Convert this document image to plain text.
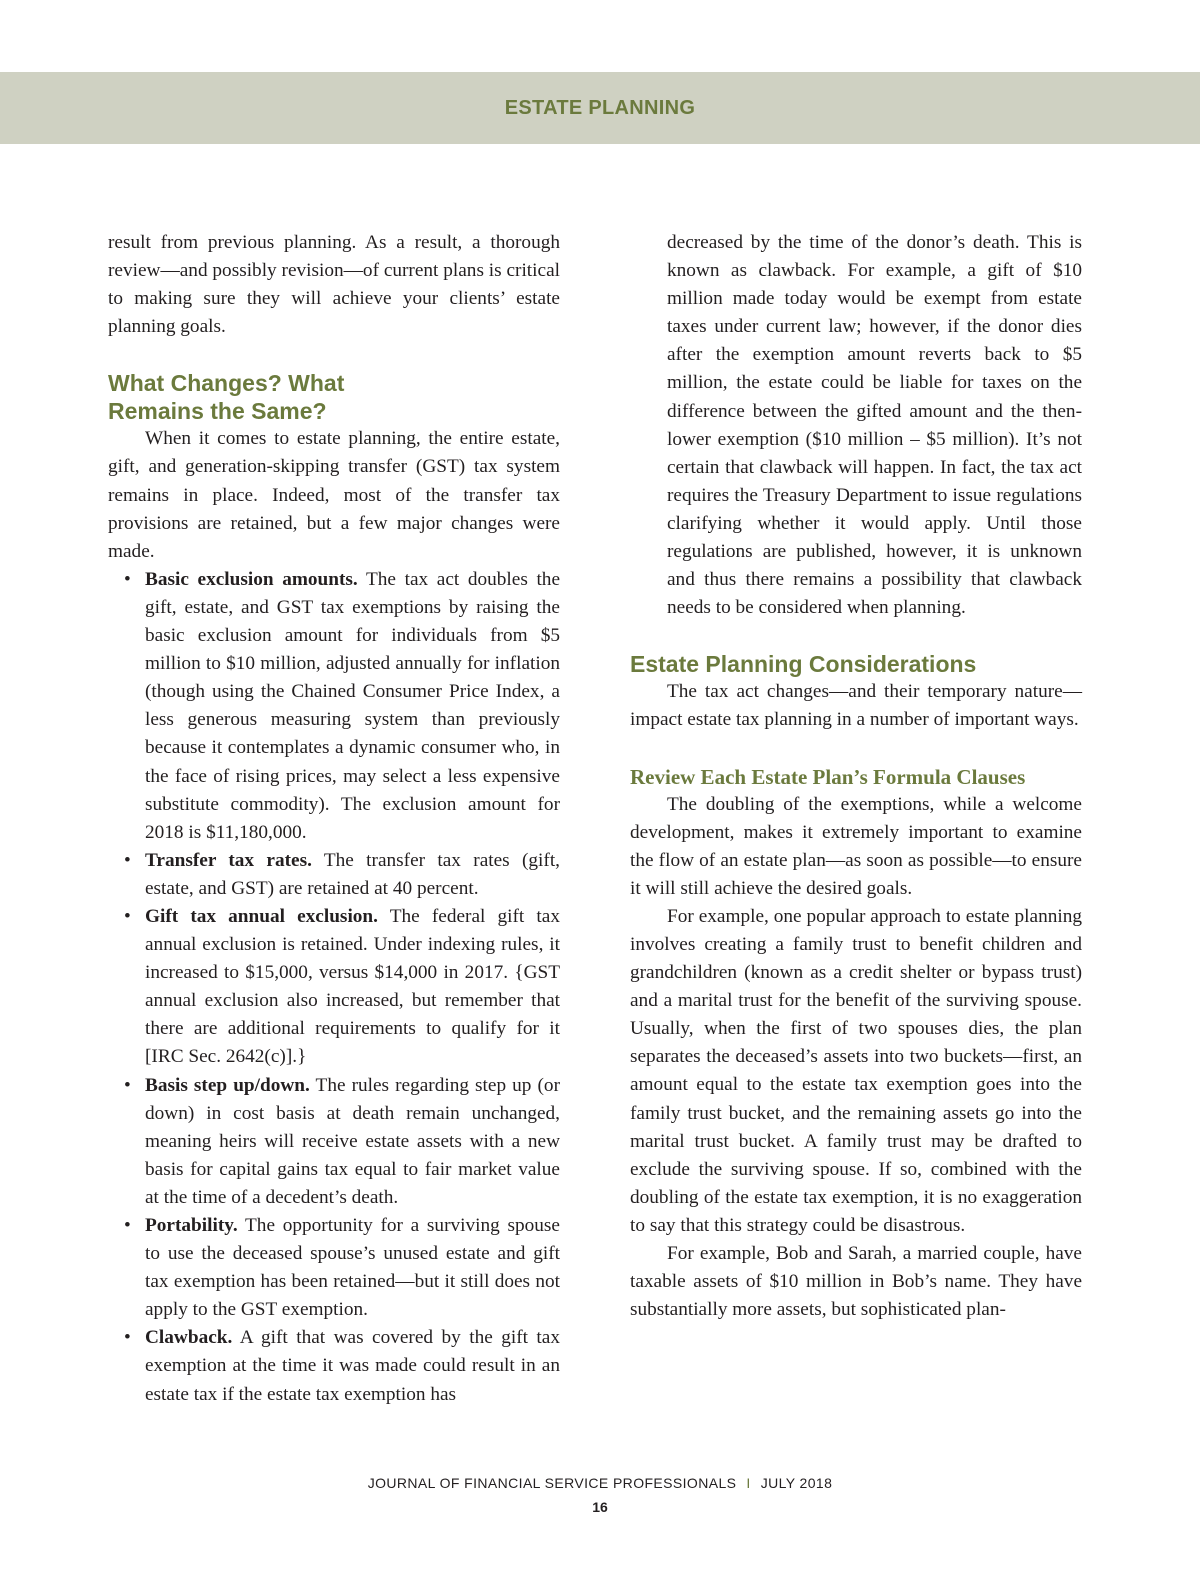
ESTATE PLANNING

result from previous planning. As a result, a thorough review—and possibly revision—of current plans is critical to making sure they will achieve your clients’ estate planning goals.

What Changes? What
Remains the Same?

When it comes to estate planning, the entire estate, gift, and generation-skipping transfer (GST) tax system remains in place. Indeed, most of the transfer tax provisions are retained, but a few major changes were made.

• Basic exclusion amounts. The tax act doubles the gift, estate, and GST tax exemptions by raising the basic exclusion amount for individuals from $5 million to $10 million, adjusted annually for inflation (though using the Chained Consumer Price Index, a less generous measuring system than previously because it contemplates a dynamic consumer who, in the face of rising prices, may select a less expensive substitute commodity). The exclusion amount for 2018 is $11,180,000.
• Transfer tax rates. The transfer tax rates (gift, estate, and GST) are retained at 40 percent.
• Gift tax annual exclusion. The federal gift tax annual exclusion is retained. Under indexing rules, it increased to $15,000, versus $14,000 in 2017. {GST annual exclusion also increased, but remember that there are additional requirements to qualify for it [IRC Sec. 2642(c)].}
• Basis step up/down. The rules regarding step up (or down) in cost basis at death remain unchanged, meaning heirs will receive estate assets with a new basis for capital gains tax equal to fair market value at the time of a decedent’s death.
• Portability. The opportunity for a surviving spouse to use the deceased spouse’s unused estate and gift tax exemption has been retained—but it still does not apply to the GST exemption.
• Clawback. A gift that was covered by the gift tax exemption at the time it was made could result in an estate tax if the estate tax exemption has

decreased by the time of the donor’s death. This is known as clawback. For example, a gift of $10 million made today would be exempt from estate taxes under current law; however, if the donor dies after the exemption amount reverts back to $5 million, the estate could be liable for taxes on the difference between the gifted amount and the then-lower exemption ($10 million – $5 million). It’s not certain that clawback will happen. In fact, the tax act requires the Treasury Department to issue regulations clarifying whether it would apply. Until those regulations are published, however, it is unknown and thus there remains a possibility that clawback needs to be considered when planning.

Estate Planning Considerations

The tax act changes—and their temporary nature—impact estate tax planning in a number of important ways.

Review Each Estate Plan’s Formula Clauses

The doubling of the exemptions, while a welcome development, makes it extremely important to examine the flow of an estate plan—as soon as possible—to ensure it will still achieve the desired goals.

For example, one popular approach to estate planning involves creating a family trust to benefit children and grandchildren (known as a credit shelter or bypass trust) and a marital trust for the benefit of the surviving spouse. Usually, when the first of two spouses dies, the plan separates the deceased’s assets into two buckets—first, an amount equal to the estate tax exemption goes into the family trust bucket, and the remaining assets go into the marital trust bucket. A family trust may be drafted to exclude the surviving spouse. If so, combined with the doubling of the estate tax exemption, it is no exaggeration to say that this strategy could be disastrous.

For example, Bob and Sarah, a married couple, have taxable assets of $10 million in Bob’s name. They have substantially more assets, but sophisticated plan-

JOURNAL OF FINANCIAL SERVICE PROFESSIONALS I JULY 2018
16
